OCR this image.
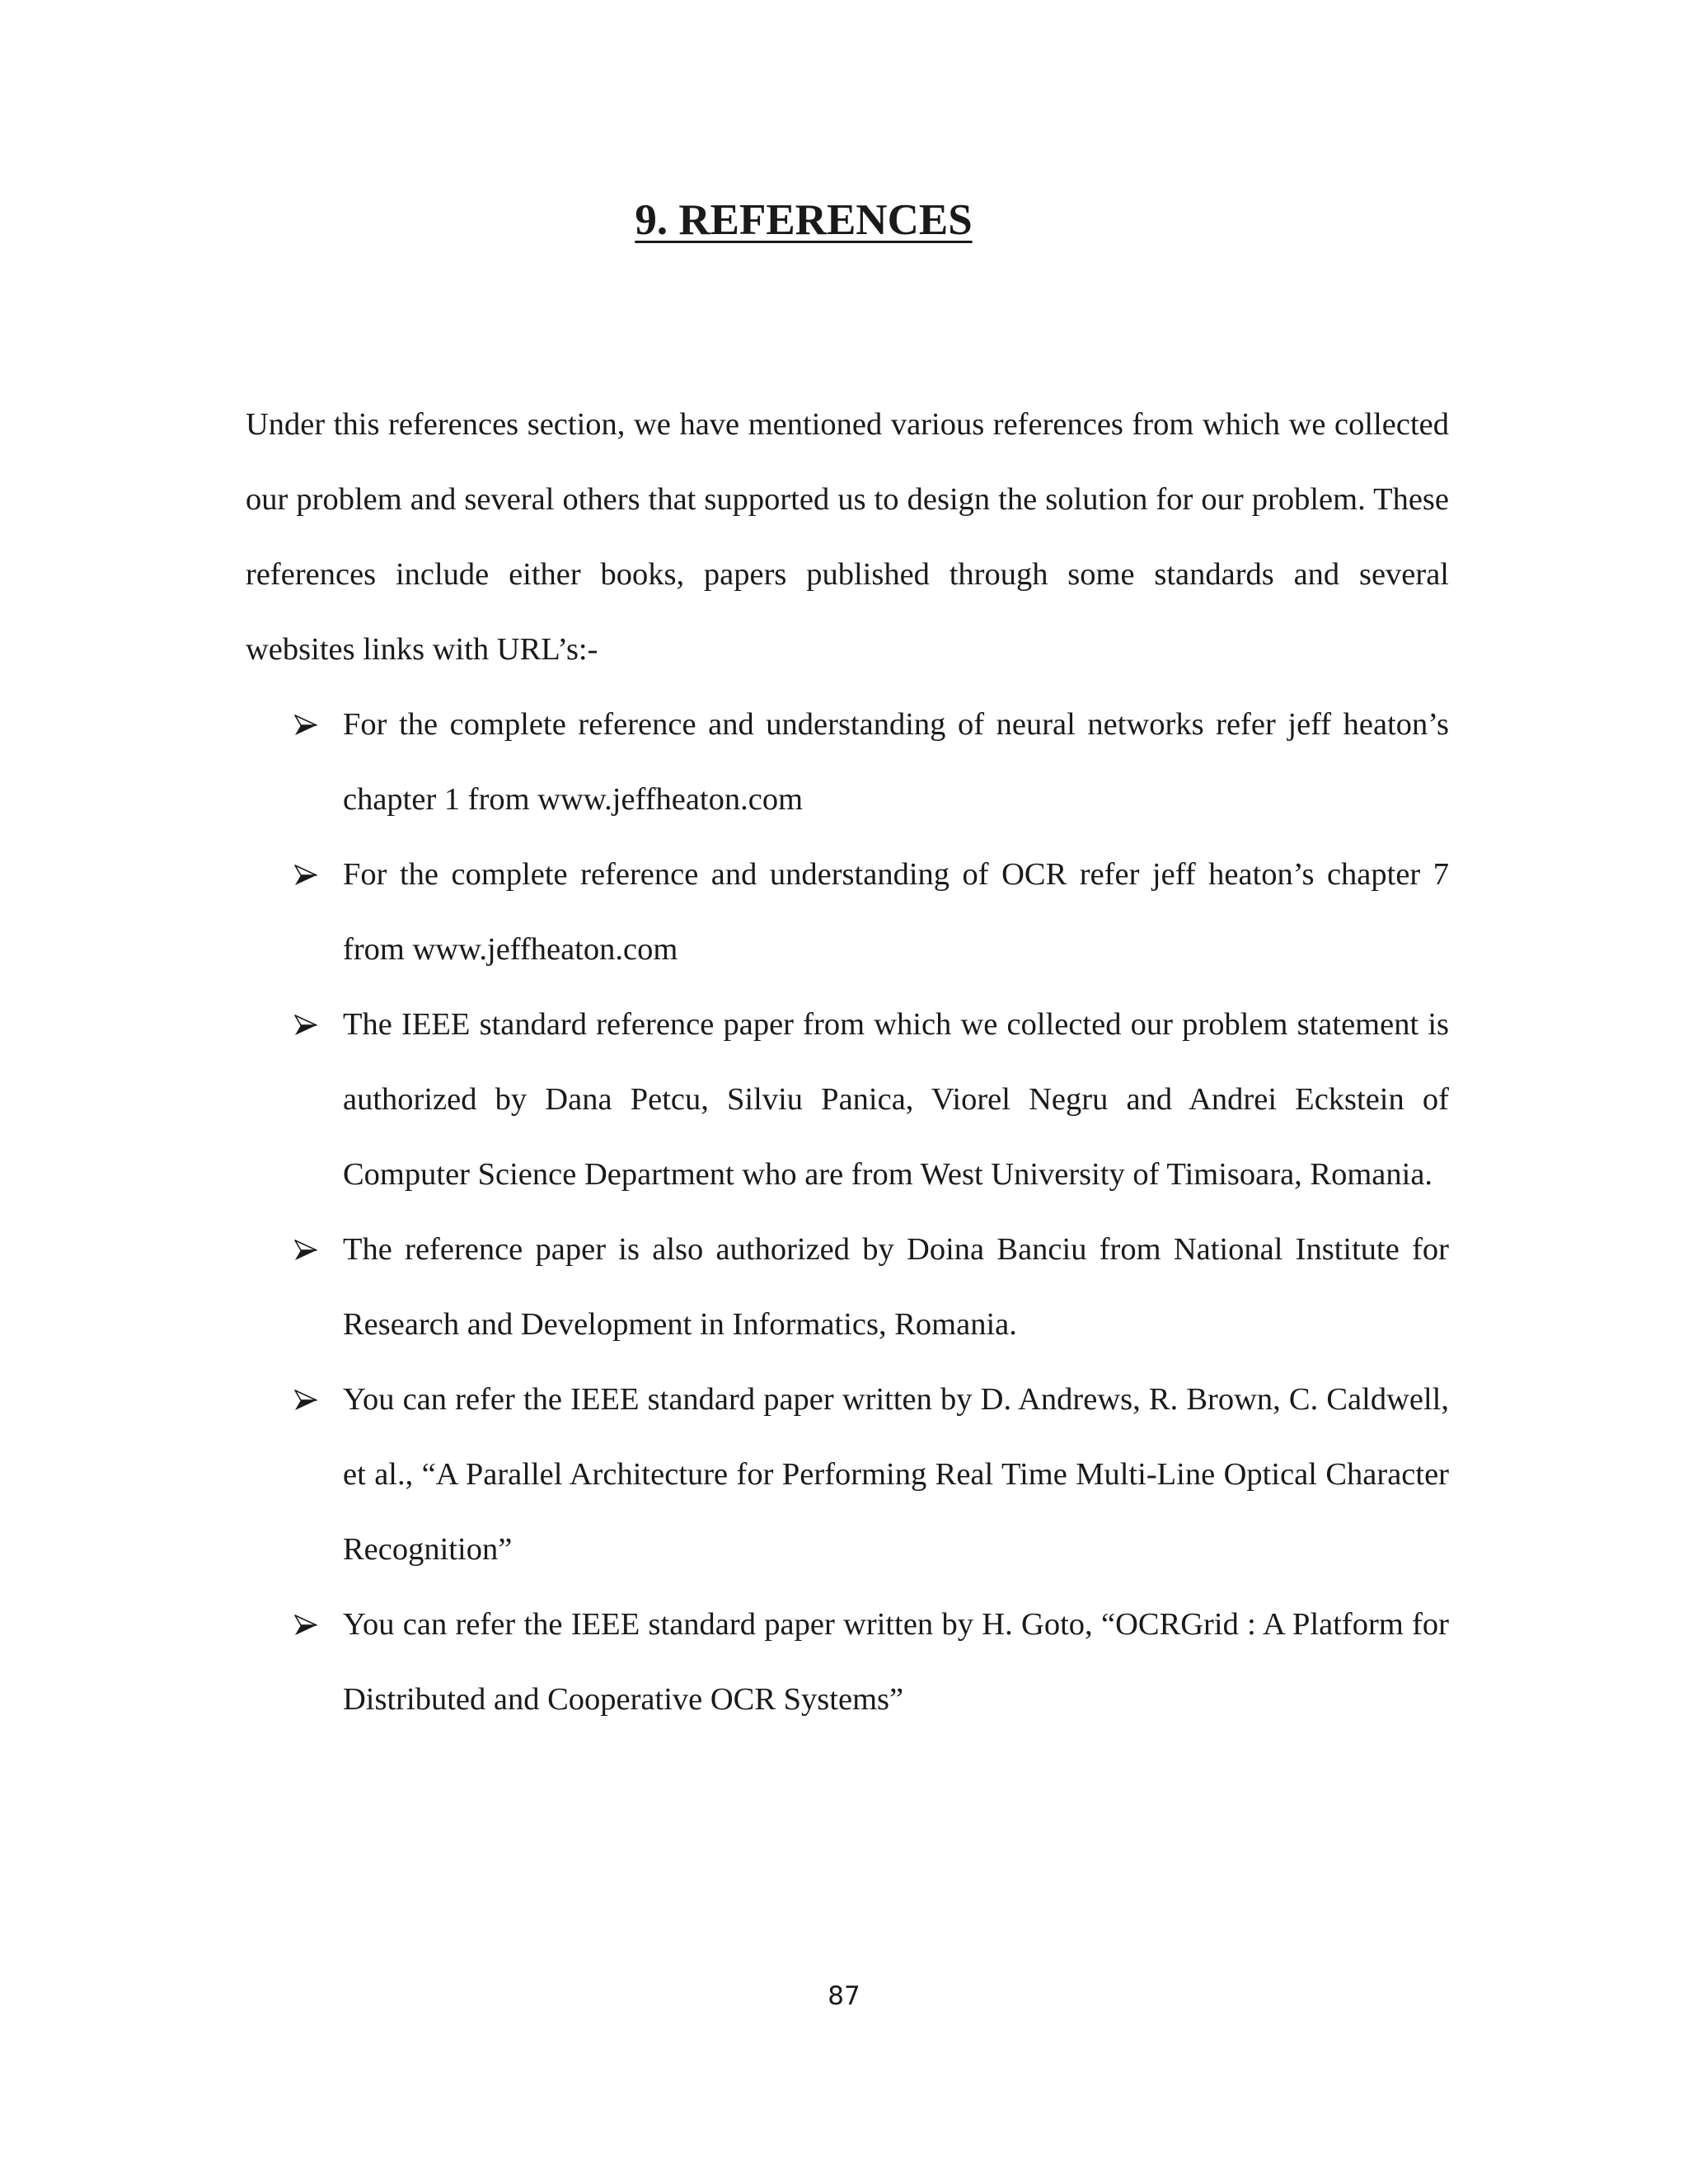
9. REFERENCES

Under this references section, we have mentioned various references from which we collected our problem and several others that supported us to design the solution for our problem. These references include either books, papers published through some standards and several websites links with URL’s:-

For the complete reference and understanding of neural networks refer jeff heaton’s chapter 1 from www.jeffheaton.com
For the complete reference and understanding of OCR refer jeff heaton’s chapter 7 from www.jeffheaton.com
The IEEE standard reference paper from which we collected our problem statement is authorized by Dana Petcu, Silviu Panica, Viorel Negru and Andrei Eckstein of Computer Science Department who are from West University of Timisoara, Romania.
The reference paper is also authorized by Doina Banciu from National Institute for Research and Development in Informatics, Romania.
You can refer the IEEE standard paper written by D. Andrews, R. Brown, C. Caldwell, et al., “A Parallel Architecture for Performing Real Time Multi-Line Optical Character Recognition”
You can refer the IEEE standard paper written by H. Goto, “OCRGrid : A Platform for Distributed and Cooperative OCR Systems”

87
